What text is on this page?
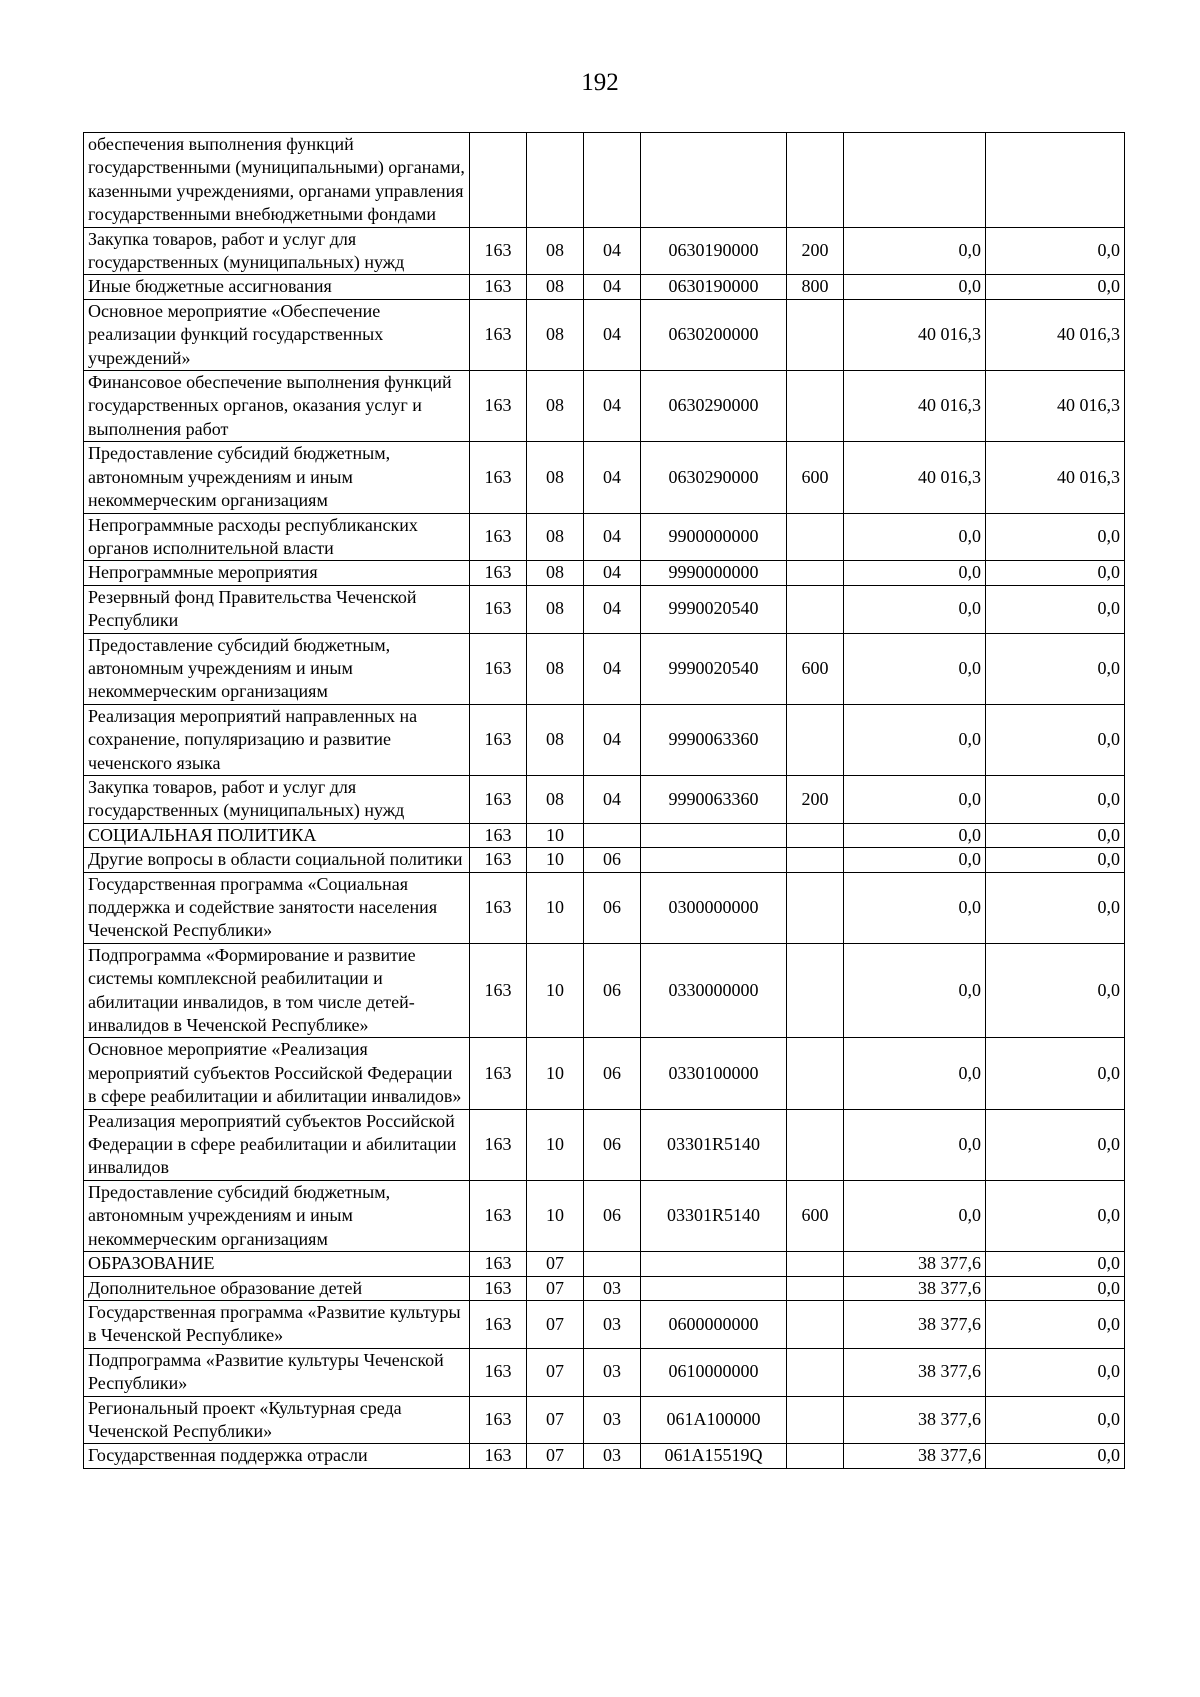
192
обеспечения выполнения функций государственными (муниципальными) органами, казенными учреждениями, органами управления государственными внебюджетными фондами							
Закупка товаров, работ и услуг для государственных (муниципальных) нужд	163	08	04	0630190000	200	0,0	0,0
Иные бюджетные ассигнования	163	08	04	0630190000	800	0,0	0,0
Основное мероприятие «Обеспечение реализации функций государственных учреждений»	163	08	04	0630200000		40 016,3	40 016,3
Финансовое обеспечение выполнения функций государственных органов, оказания услуг и выполнения работ	163	08	04	0630290000		40 016,3	40 016,3
Предоставление субсидий бюджетным, автономным учреждениям и иным некоммерческим организациям	163	08	04	0630290000	600	40 016,3	40 016,3
Непрограммные расходы республиканских органов исполнительной власти	163	08	04	9900000000		0,0	0,0
Непрограммные мероприятия	163	08	04	9990000000		0,0	0,0
Резервный фонд Правительства Чеченской Республики	163	08	04	9990020540		0,0	0,0
Предоставление субсидий бюджетным, автономным учреждениям и иным некоммерческим организациям	163	08	04	9990020540	600	0,0	0,0
Реализация мероприятий направленных на сохранение, популяризацию и развитие чеченского языка	163	08	04	9990063360		0,0	0,0
Закупка товаров, работ и услуг для государственных (муниципальных) нужд	163	08	04	9990063360	200	0,0	0,0
СОЦИАЛЬНАЯ ПОЛИТИКА	163	10				0,0	0,0
Другие вопросы в области социальной политики	163	10	06			0,0	0,0
Государственная программа «Социальная поддержка и содействие занятости населения Чеченской Республики»	163	10	06	0300000000		0,0	0,0
Подпрограмма «Формирование и развитие системы комплексной реабилитации и абилитации инвалидов, в том числе детей-инвалидов в Чеченской Республике»	163	10	06	0330000000		0,0	0,0
Основное мероприятие «Реализация мероприятий субъектов Российской Федерации в сфере реабилитации и абилитации инвалидов»	163	10	06	0330100000		0,0	0,0
Реализация мероприятий субъектов Российской Федерации в сфере реабилитации и абилитации инвалидов	163	10	06	03301R5140		0,0	0,0
Предоставление субсидий бюджетным, автономным учреждениям и иным некоммерческим организациям	163	10	06	03301R5140	600	0,0	0,0
ОБРАЗОВАНИЕ	163	07				38 377,6	0,0
Дополнительное образование детей	163	07	03			38 377,6	0,0
Государственная программа «Развитие культуры в Чеченской Республике»	163	07	03	0600000000		38 377,6	0,0
Подпрограмма «Развитие культуры Чеченской Республики»	163	07	03	0610000000		38 377,6	0,0
Региональный проект «Культурная среда Чеченской Республики»	163	07	03	061A100000		38 377,6	0,0
Государственная поддержка отрасли	163	07	03	061A15519Q		38 377,6	0,0
